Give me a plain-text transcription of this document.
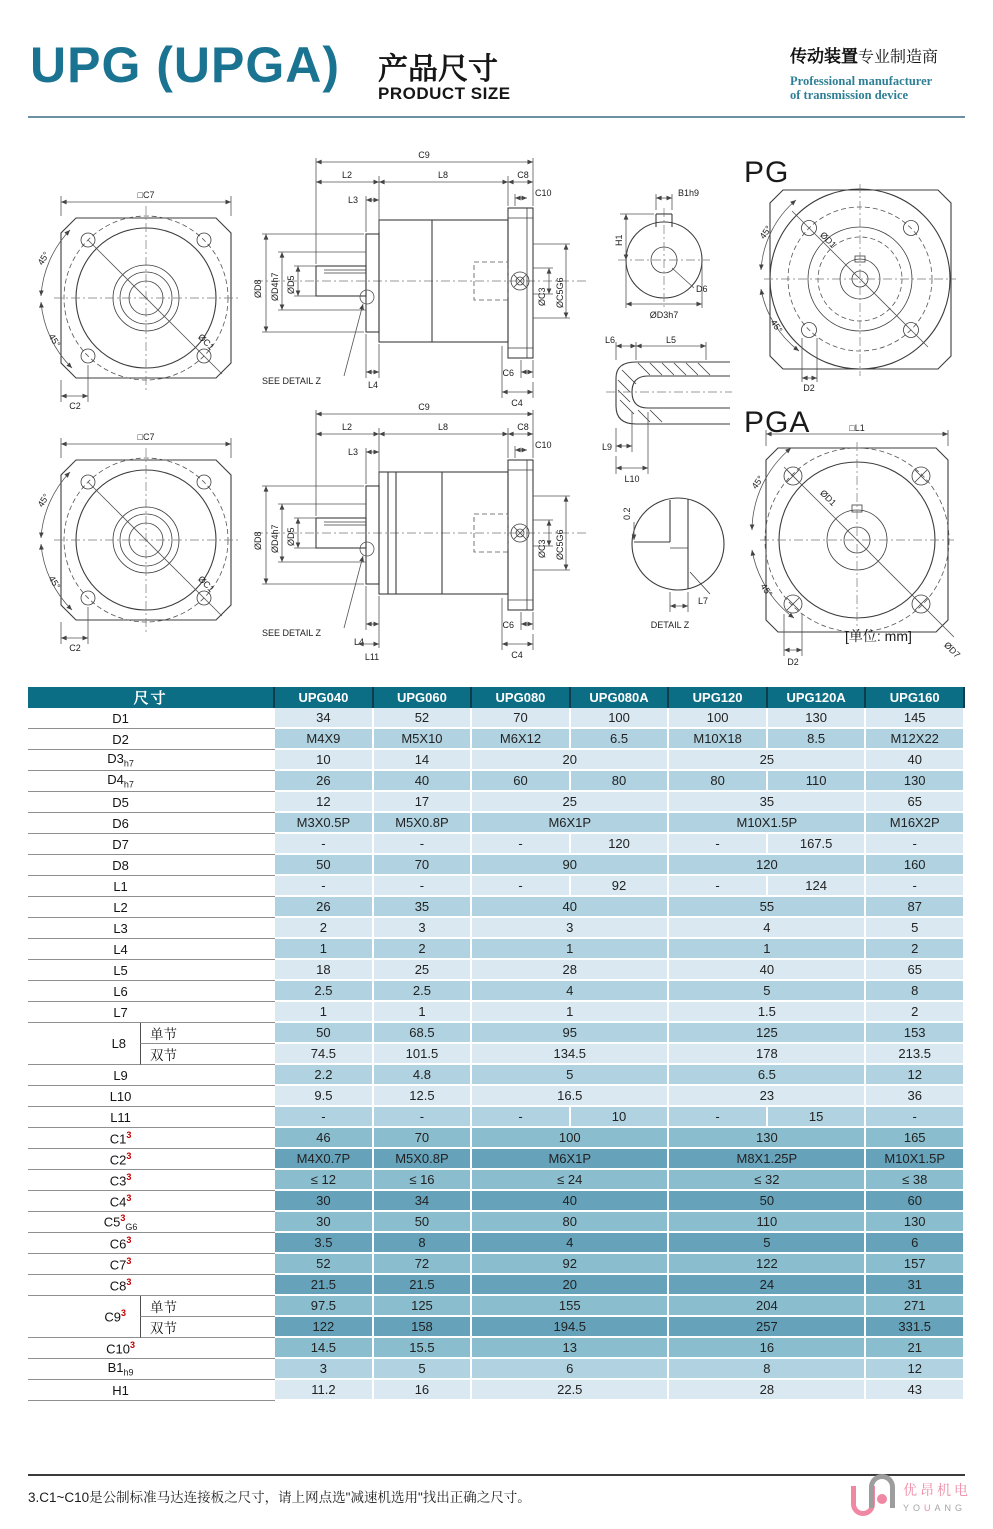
UPG (UPGA) 产品尺寸
PRODUCT SIZE
传动装置专业制造商
Professional manufacturer
of transmission device
□C7
ØC1
45°
45°
C2
C9
L2	L8	C8
L3
C10
ØD8 ØD4h7 ØD5
ØC3 ØC5G6
SEE DETAIL Z	L4
C6
C4
B1h9
H1
D6
ØD3h7
PG
ØD1
45°
45°
D2
L6	L5
L9
L10
□C7
ØC1
45°
45°
C2
C9
L2	L8	C8
L3
C10
ØD8 ØD4h7 ØD5
ØC3 ØC5G6
SEE DETAIL Z
L4
L11
C6
C4
0.2
L7
DETAIL Z
PGA	□L1
ØD1
ØD7
45°
45°
D2
[单位: mm]
尺寸		UPG040	UPG060	UPG080	UPG080A	UPG120	UPG120A	UPG160
D1		34	52	70	100	100	130	145
D2		M4X9	M5X10	M6X12	6.5	M10X18	8.5	M12X22
$D3_{h7}$		10	14	20		25		40
$D4_{h7}$		26	40	60	80	80	110	130
D5		12	17	25		35		65
D6		M3X0.5P	M5X0.8P	M6X1P		M10X1.5P		M16X2P
D7		-	-	-	120	-	167.5	-
D8		50	70	90		120		160
L1		-	-	-	92	-	124	-
L2		26	35	40		55		87
L3		2	3	3		4		5
L4		1	2	1		1		2
L5		18	25	28		40		65
L6		2.5	2.5	4		5		8
L7		1	1	1		1.5		2
L8	单节	50	68.5	95		125		153
	双节	74.5	101.5	134.5		178		213.5
L9		2.2	4.8	5		6.5		12
L10		9.5	12.5	16.5		23		36
L11		-	-	-	10	-	15	-
$C1^3$		46	70	100		130		165
$C2^3$		M4X0.7P	M5X0.8P	M6X1P		M8X1.25P		M10X1.5P
$C3^3$		≤ 12	≤ 16	≤ 24		≤ 32		≤ 38
$C4^3$		30	34	40		50		60
$C5^3_{G6}$		30	50	80		110		130
$C6^3$		3.5	8	4		5		6
$C7^3$		52	72	92		122		157
$C8^3$		21.5	21.5	20		24		31
$C9^3$	单节	97.5	125	155		204		271
	双节	122	158	194.5		257		331.5
$C10^3$		14.5	15.5	13		16		21
$B1_{h9}$		3	5	6		8		12
H1		11.2	16	22.5		28		43
3.C1~C10是公制标准马达连接板之尺寸，请上网点选"减速机选用"找出正确之尺寸。	优昂机电
YOUANG
